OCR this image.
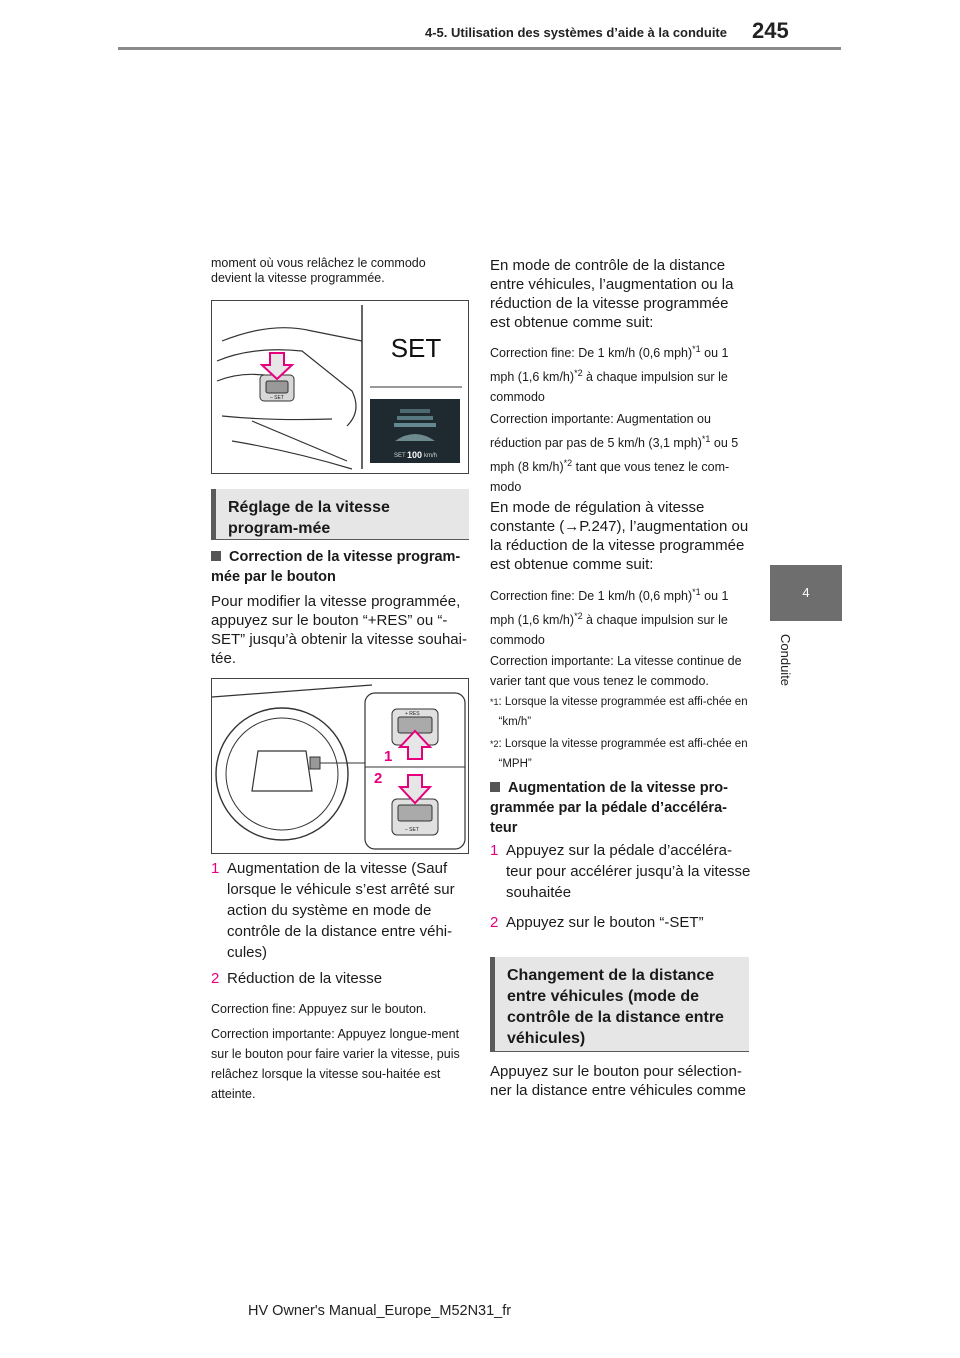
4-5. Utilisation des systèmes d’aide à la conduite 245
4
Conduite
moment où vous relâchez le commodo devient la vitesse programmée.
– SET
SET
SET 100 km/h
Réglage de la vitesse program-mée
Correction de la vitesse program-mée par le bouton
Pour modifier la vitesse programmée, appuyez sur le bouton “+RES” ou “-SET” jusqu’à obtenir la vitesse souhai-tée.
+ RES
– SET
1
2
1 Augmentation de la vitesse (Sauf lorsque le véhicule s’est arrêté sur action du système en mode de contrôle de la distance entre véhi-cules)
2 Réduction de la vitesse
Correction fine: Appuyez sur le bouton.
Correction importante: Appuyez longue-ment sur le bouton pour faire varier la vitesse, puis relâchez lorsque la vitesse sou-haitée est atteinte.
En mode de contrôle de la distance entre véhicules, l’augmentation ou la réduction de la vitesse programmée est obtenue comme suit:
Correction fine: De 1 km/h (0,6 mph)$^{*1}$ ou 1 mph (1,6 km/h)$^{*2}$ à chaque impulsion sur le commodo
Correction importante: Augmentation ou réduction par pas de 5 km/h (3,1 mph)$^{*1}$ ou 5 mph (8 km/h)$^{*2}$ tant que vous tenez le com-modo
En mode de régulation à vitesse constante (→P.247), l’augmentation ou la réduction de la vitesse programmée est obtenue comme suit:
Correction fine: De 1 km/h (0,6 mph)$^{*1}$ ou 1 mph (1,6 km/h)$^{*2}$ à chaque impulsion sur le commodo
Correction importante: La vitesse continue de varier tant que vous tenez le commodo.
*1 : Lorsque la vitesse programmée est affi-chée en “km/h”
*2 : Lorsque la vitesse programmée est affi-chée en “MPH”
Augmentation de la vitesse pro-grammée par la pédale d’accéléra-teur
1 Appuyez sur la pédale d’accéléra-teur pour accélérer jusqu’à la vitesse souhaitée
2 Appuyez sur le bouton “-SET”
Changement de la distance entre véhicules (mode de contrôle de la distance entre véhicules)
Appuyez sur le bouton pour sélection-ner la distance entre véhicules comme
HV Owner's Manual_Europe_M52N31_fr
